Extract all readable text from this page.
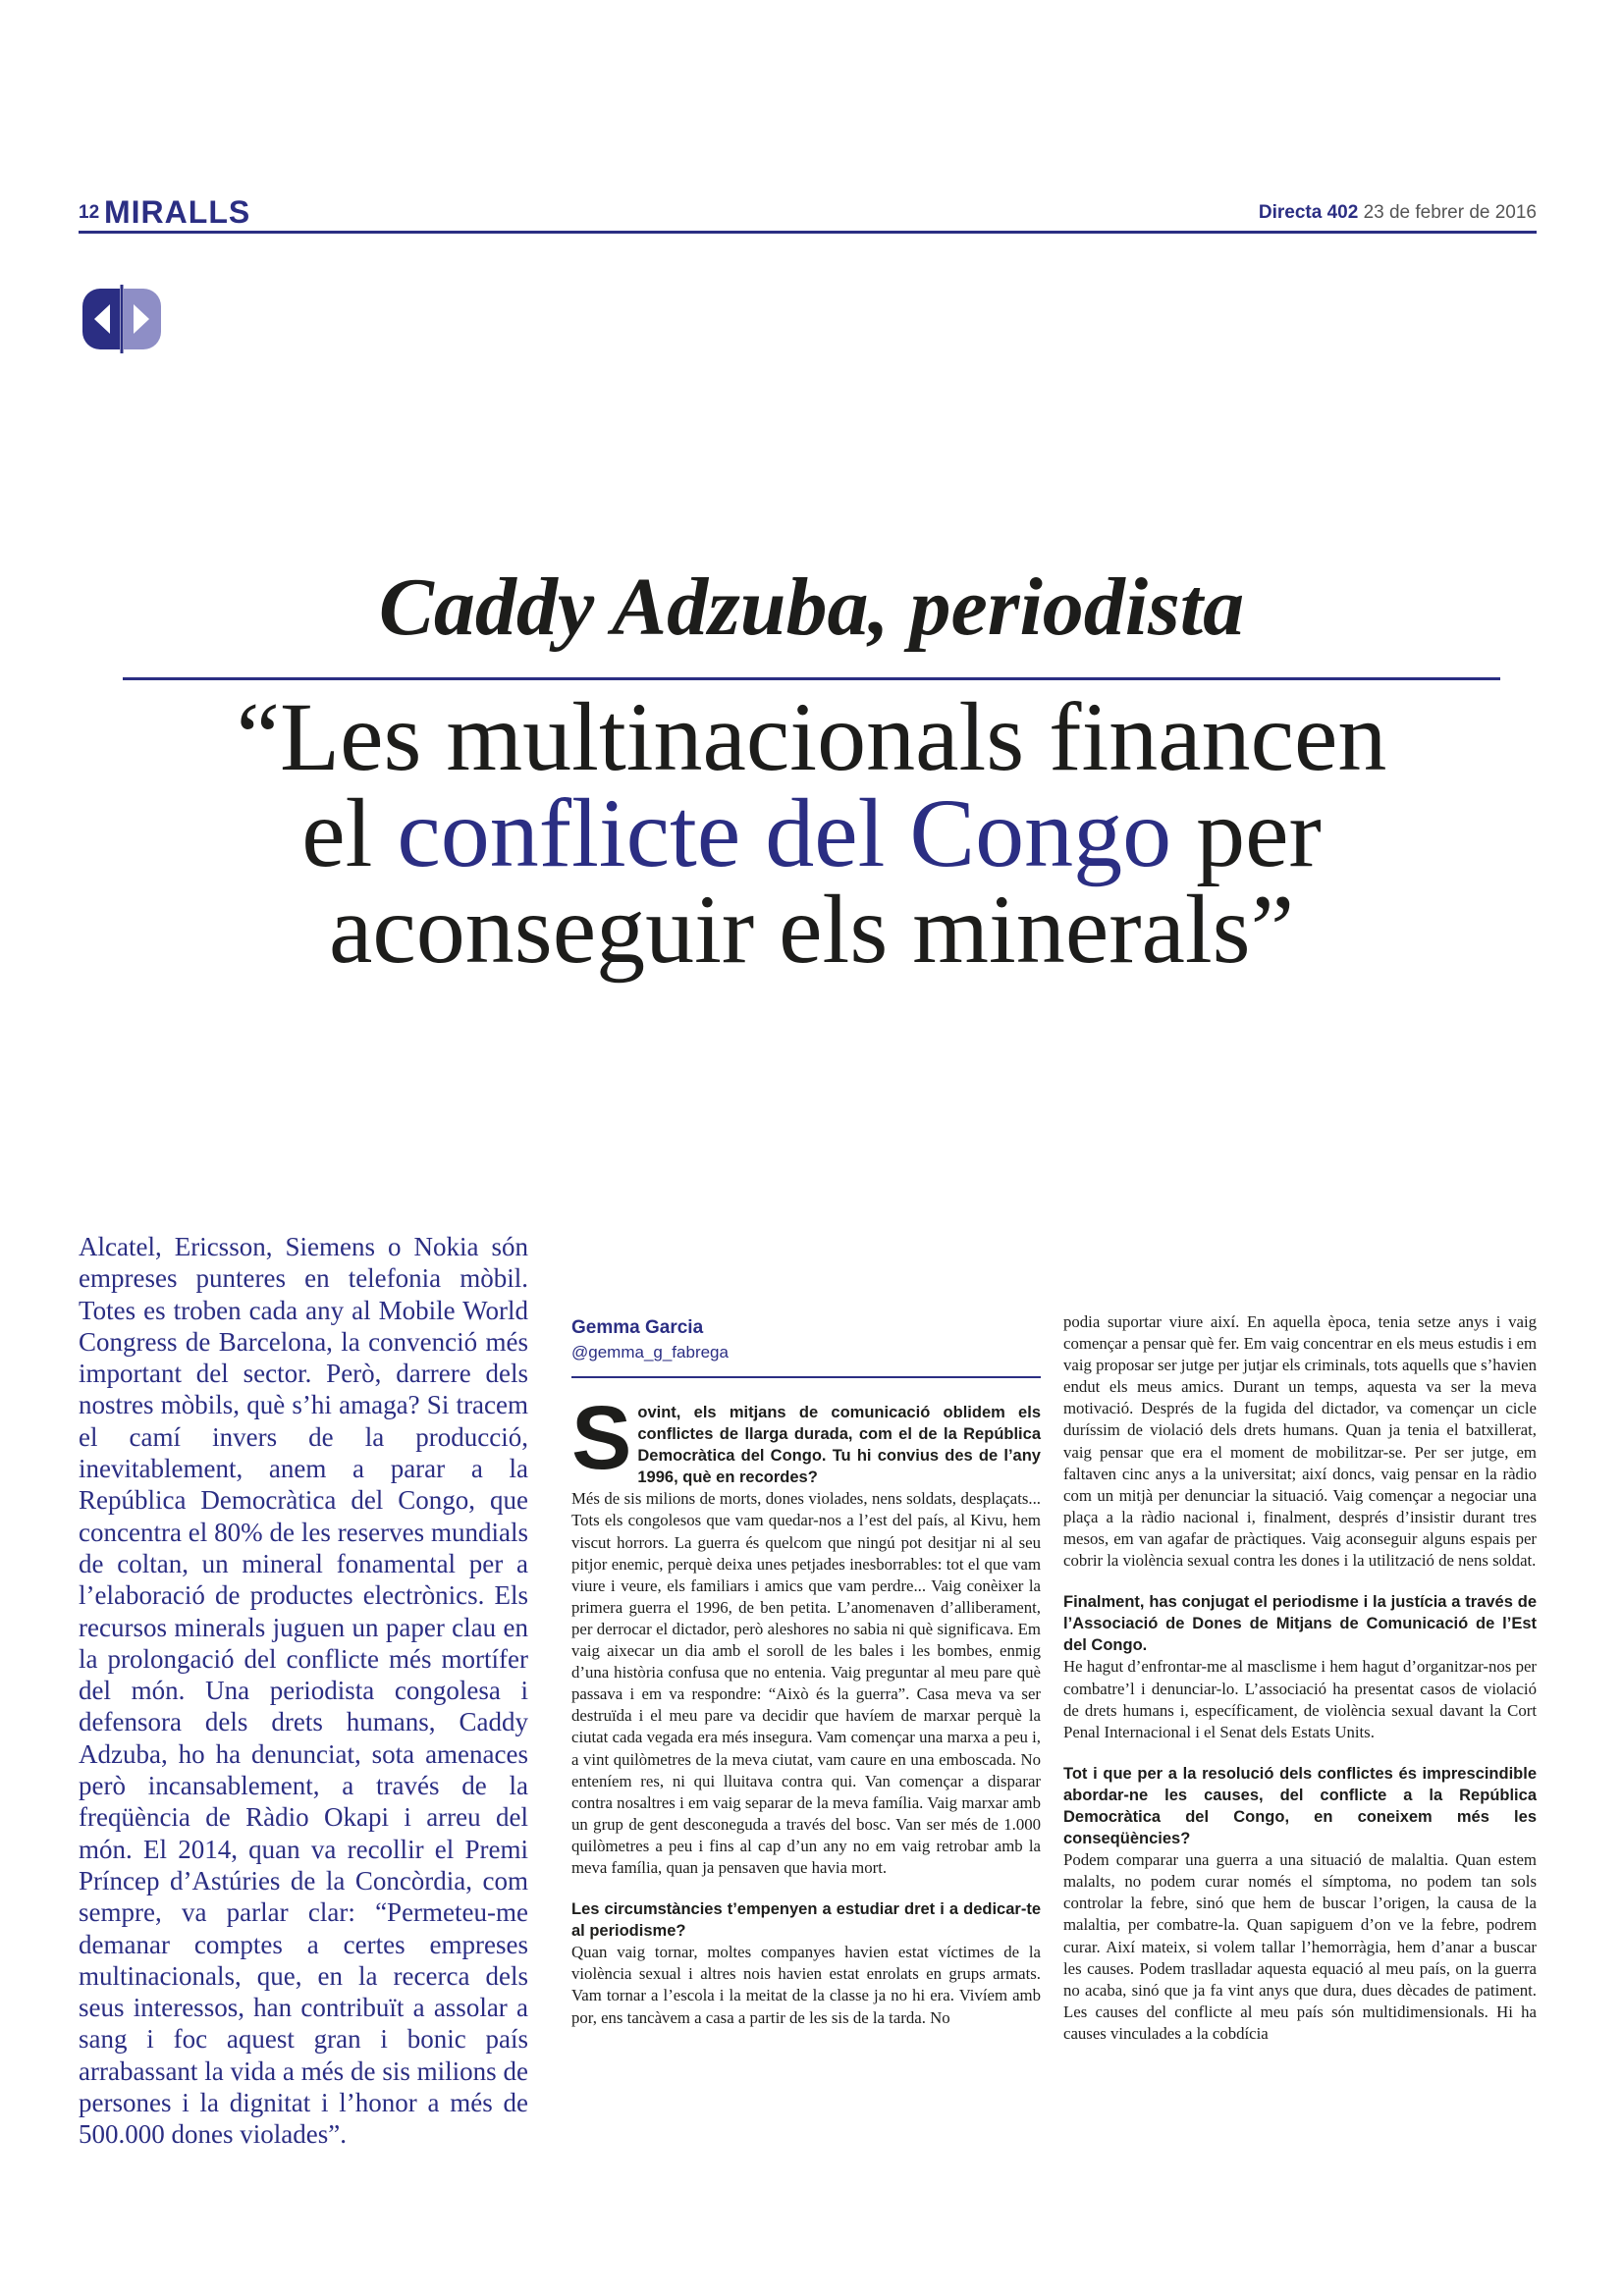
12 MIRALLS	Directa 402 23 de febrer de 2016
Caddy Adzuba, periodista
“Les multinacionals financen
el conflicte del Congo per
aconseguir els minerals”
Alcatel, Ericsson, Siemens o Nokia són empreses punteres en telefonia mòbil. Totes es troben cada any al Mobile World Congress de Barcelona, la convenció més important del sector. Però, darrere dels nostres mòbils, què s’hi amaga? Si tracem el camí invers de la producció, inevitablement, anem a parar a la República Democràtica del Congo, que concentra el 80% de les reserves mundials de coltan, un mineral fonamental per a l’elaboració de productes electrònics. Els recursos minerals juguen un paper clau en la prolongació del conflicte més mortífer del món. Una periodista congolesa i defensora dels drets humans, Caddy Adzuba, ho ha denunciat, sota amenaces però incansablement, a través de la freqüència de Ràdio Okapi i arreu del món. El 2014, quan va recollir el Premi Príncep d’Astúries de la Concòrdia, com sempre, va parlar clar: “Permeteu-me demanar comptes a certes empreses multinacionals, que, en la recerca dels seus interessos, han contribuït a assolar a sang i foc aquest gran i bonic país arrabassant la vida a més de sis milions de persones i la dignitat i l’honor a més de 500.000 dones violades”.
Gemma Garcia
@gemma_g_fabrega
S ovint, els mitjans de comunicació oblidem els conflictes de llarga durada, com el de la República Democràtica del Congo. Tu hi convius des de l’any 1996, què en recordes?

Més de sis milions de morts, dones violades, nens soldats, desplaçats... Tots els congolesos que vam quedar-nos a l’est del país, al Kivu, hem viscut horrors. La guerra és quelcom que ningú pot desitjar ni al seu pitjor enemic, perquè deixa unes petjades inesborrables: tot el que vam viure i veure, els familiars i amics que vam perdre... Vaig conèixer la primera guerra el 1996, de ben petita. L’anomenaven d’alliberament, per derrocar el dictador, però aleshores no sabia ni què significava. Em vaig aixecar un dia amb el soroll de les bales i les bombes, enmig d’una història confusa que no entenia. Vaig preguntar al meu pare què passava i em va respondre: “Això és la guerra”. Casa meva va ser destruïda i el meu pare va decidir que havíem de marxar perquè la ciutat cada vegada era més insegura. Vam començar una marxa a peu i, a vint quilòmetres de la meva ciutat, vam caure en una emboscada. No enteníem res, ni qui lluitava contra qui. Van començar a disparar contra nosaltres i em vaig separar de la meva família. Vaig marxar amb un grup de gent desconeguda a través del bosc. Van ser més de 1.000 quilòmetres a peu i fins al cap d’un any no em vaig retrobar amb la meva família, quan ja pensaven que havia mort.

Les circumstàncies t’empenyen a estudiar dret i a dedicar-te al periodisme?

Quan vaig tornar, moltes companyes havien estat víctimes de la violència sexual i altres nois havien estat enrolats en grups armats. Vam tornar a l’escola i la meitat de la classe ja no hi era. Vivíem amb por, ens tancàvem a casa a partir de les sis de la tarda. No

podia suportar viure així. En aquella època, tenia setze anys i vaig començar a pensar què fer. Em vaig concentrar en els meus estudis i em vaig proposar ser jutge per jutjar els criminals, tots aquells que s’havien endut els meus amics. Durant un temps, aquesta va ser la meva motivació. Després de la fugida del dictador, va començar un cicle duríssim de violació dels drets humans. Quan ja tenia el batxillerat, vaig pensar que era el moment de mobilitzar-se. Per ser jutge, em faltaven cinc anys a la universitat; així doncs, vaig pensar en la ràdio com un mitjà per denunciar la situació. Vaig començar a negociar una plaça a la ràdio nacional i, finalment, després d’insistir durant tres mesos, em van agafar de pràctiques. Vaig aconseguir alguns espais per cobrir la violència sexual contra les dones i la utilització de nens soldat.

Finalment, has conjugat el periodisme i la justícia a través de l’Associació de Dones de Mitjans de Comunicació de l’Est del Congo.

He hagut d’enfrontar-me al masclisme i hem hagut d’organitzar-nos per combatre’l i denunciar-lo. L’associació ha presentat casos de violació de drets humans i, específicament, de violència sexual davant la Cort Penal Internacional i el Senat dels Estats Units.

Tot i que per a la resolució dels conflictes és imprescindible abordar-ne les causes, del conflicte a la República Democràtica del Congo, en coneixem més les conseqüències?

Podem comparar una guerra a una situació de malaltia. Quan estem malalts, no podem curar només el símptoma, no podem tan sols controlar la febre, sinó que hem de buscar l’origen, la causa de la malaltia, per combatre-la. Quan sapiguem d’on ve la febre, podrem curar. Així mateix, si volem tallar l’hemorràgia, hem d’anar a buscar les causes. Podem traslladar aquesta equació al meu país, on la guerra no acaba, sinó que ja fa vint anys que dura, dues dècades de patiment. Les causes del conflicte al meu país són multidimensionals. Hi ha causes vinculades a la cobdícia
